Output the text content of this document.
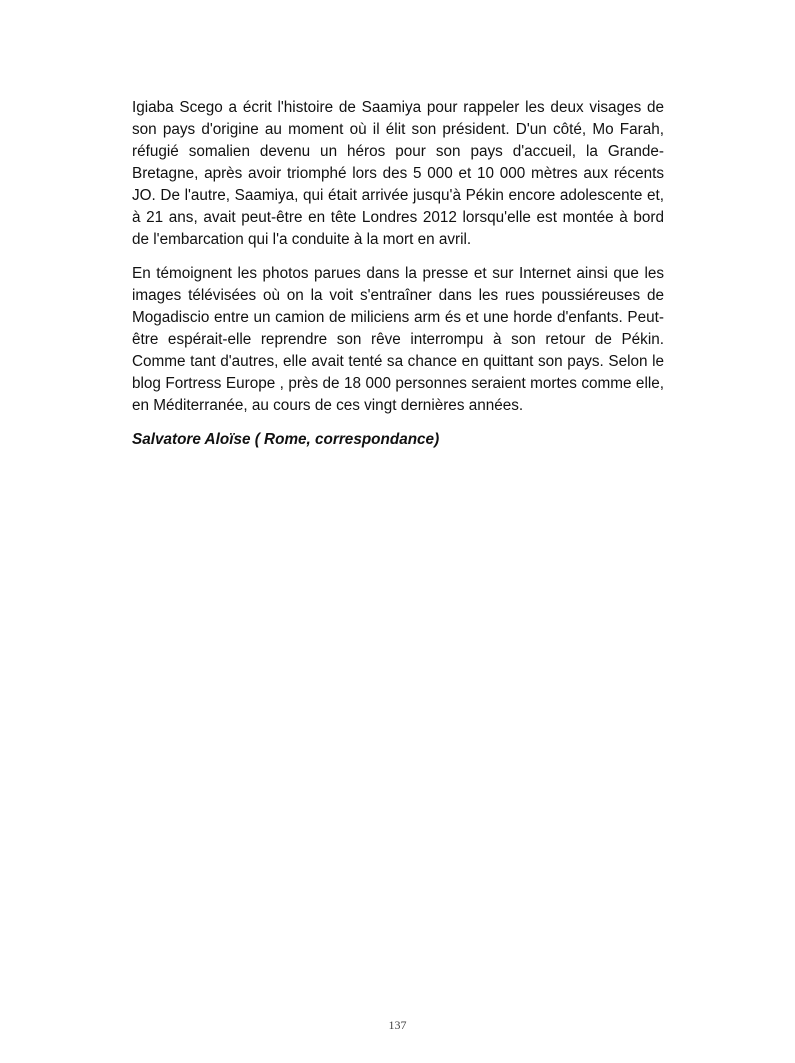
Igiaba Scego a écrit l'histoire de Saamiya pour rappeler les deux visages de son pays d'origine au moment où il élit son président. D'un côté, Mo Farah, réfugié somalien devenu un héros pour son pays d'accueil, la Grande-Bretagne, après avoir triomphé lors des 5 000 et 10 000 mètres aux récents JO. De l'autre, Saamiya, qui était arrivée jusqu'à Pékin encore adolescente et, à 21 ans, avait peut-être en tête Londres 2012 lorsqu'elle est montée à bord de l'embarcation qui l'a conduite à la mort en avril.

En témoignent les photos parues dans la presse et sur Internet ainsi que les images télévisées où on la voit s'entraîner dans les rues poussiéreuses de Mogadiscio entre un camion de miliciens arm és et une horde d'enfants. Peut-être espérait-elle reprendre son rêve interrompu à son retour de Pékin. Comme tant d'autres, elle avait tenté sa chance en quittant son pays. Selon le blog Fortress Europe , près de 18 000 personnes seraient mortes comme elle, en Méditerranée, au cours de ces vingt dernières années.

Salvatore Aloïse ( Rome, correspondance)

137
